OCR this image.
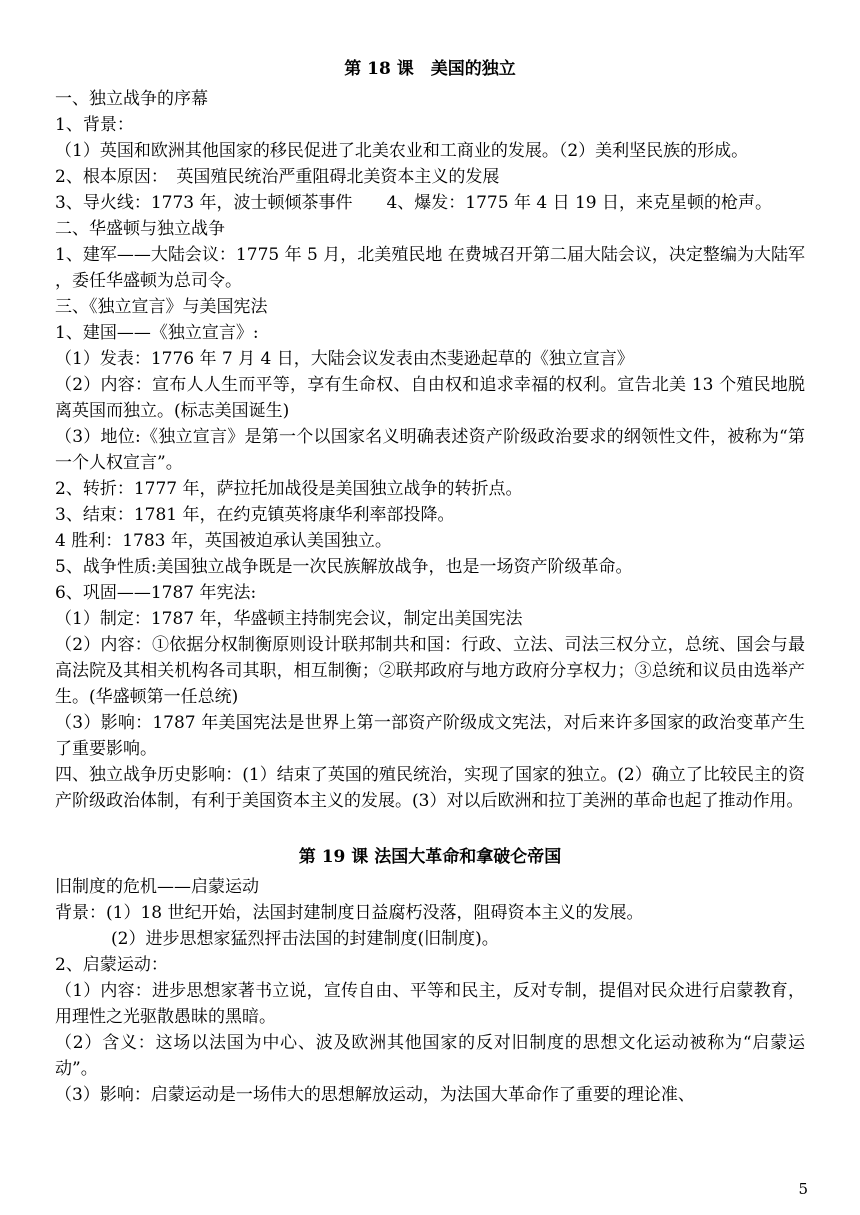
第 18 课　美国的独立

一、独立战争的序幕

1、背景：

（1）英国和欧洲其他国家的移民促进了北美农业和工商业的发展。（2）美利坚民族的形成。

2、根本原因：　英国殖民统治严重阻碍北美资本主义的发展

3、导火线：1773 年，波士顿倾茶事件　　4、爆发：1775 年 4 日 19 日，来克星顿的枪声。

二、华盛顿与独立战争

1、建军——大陆会议：1775 年 5 月，北美殖民地 在费城召开第二届大陆会议，决定整编为大陆军 ，委任华盛顿为总司令。

三、《独立宣言》与美国宪法

1、建国——《独立宣言》:

（1）发表：1776 年 7 月 4 日，大陆会议发表由杰斐逊起草的《独立宣言》

（2）内容：宣布人人生而平等，享有生命权、自由权和追求幸福的权利。宣告北美 13 个殖民地脱离英国而独立。(标志美国诞生)

（3）地位:《独立宣言》是第一个以国家名义明确表述资产阶级政治要求的纲领性文件，被称为“第一个人权宣言”。

2、转折：1777 年，萨拉托加战役是美国独立战争的转折点。

3、结束：1781 年，在约克镇英将康华利率部投降。

4 胜利：1783 年，英国被迫承认美国独立。

5、战争性质:美国独立战争既是一次民族解放战争，也是一场资产阶级革命。

6、巩固——1787 年宪法:

（1）制定：1787 年，华盛顿主持制宪会议，制定出美国宪法

（2）内容：①依据分权制衡原则设计联邦制共和国：行政、立法、司法三权分立，总统、国会与最高法院及其相关机构各司其职，相互制衡；②联邦政府与地方政府分享权力；③总统和议员由选举产生。(华盛顿第一任总统)

（3）影响：1787 年美国宪法是世界上第一部资产阶级成文宪法，对后来许多国家的政治变革产生了重要影响。

四、独立战争历史影响：(1）结束了英国的殖民统治，实现了国家的独立。(2）确立了比较民主的资产阶级政治体制，有利于美国资本主义的发展。(3）对以后欧洲和拉丁美洲的革命也起了推动作用。

第 19 课 法国大革命和拿破仑帝国

旧制度的危机——启蒙运动

背景：(1）18 世纪开始，法国封建制度日益腐朽没落，阻碍资本主义的发展。

(2）进步思想家猛烈抨击法国的封建制度(旧制度)。

2、启蒙运动：

（1）内容：进步思想家著书立说，宣传自由、平等和民主，反对专制，提倡对民众进行启蒙教育，用理性之光驱散愚昧的黑暗。

（2）含义：这场以法国为中心、波及欧洲其他国家的反对旧制度的思想文化运动被称为“启蒙运动”。

（3）影响：启蒙运动是一场伟大的思想解放运动，为法国大革命作了重要的理论准、

5
